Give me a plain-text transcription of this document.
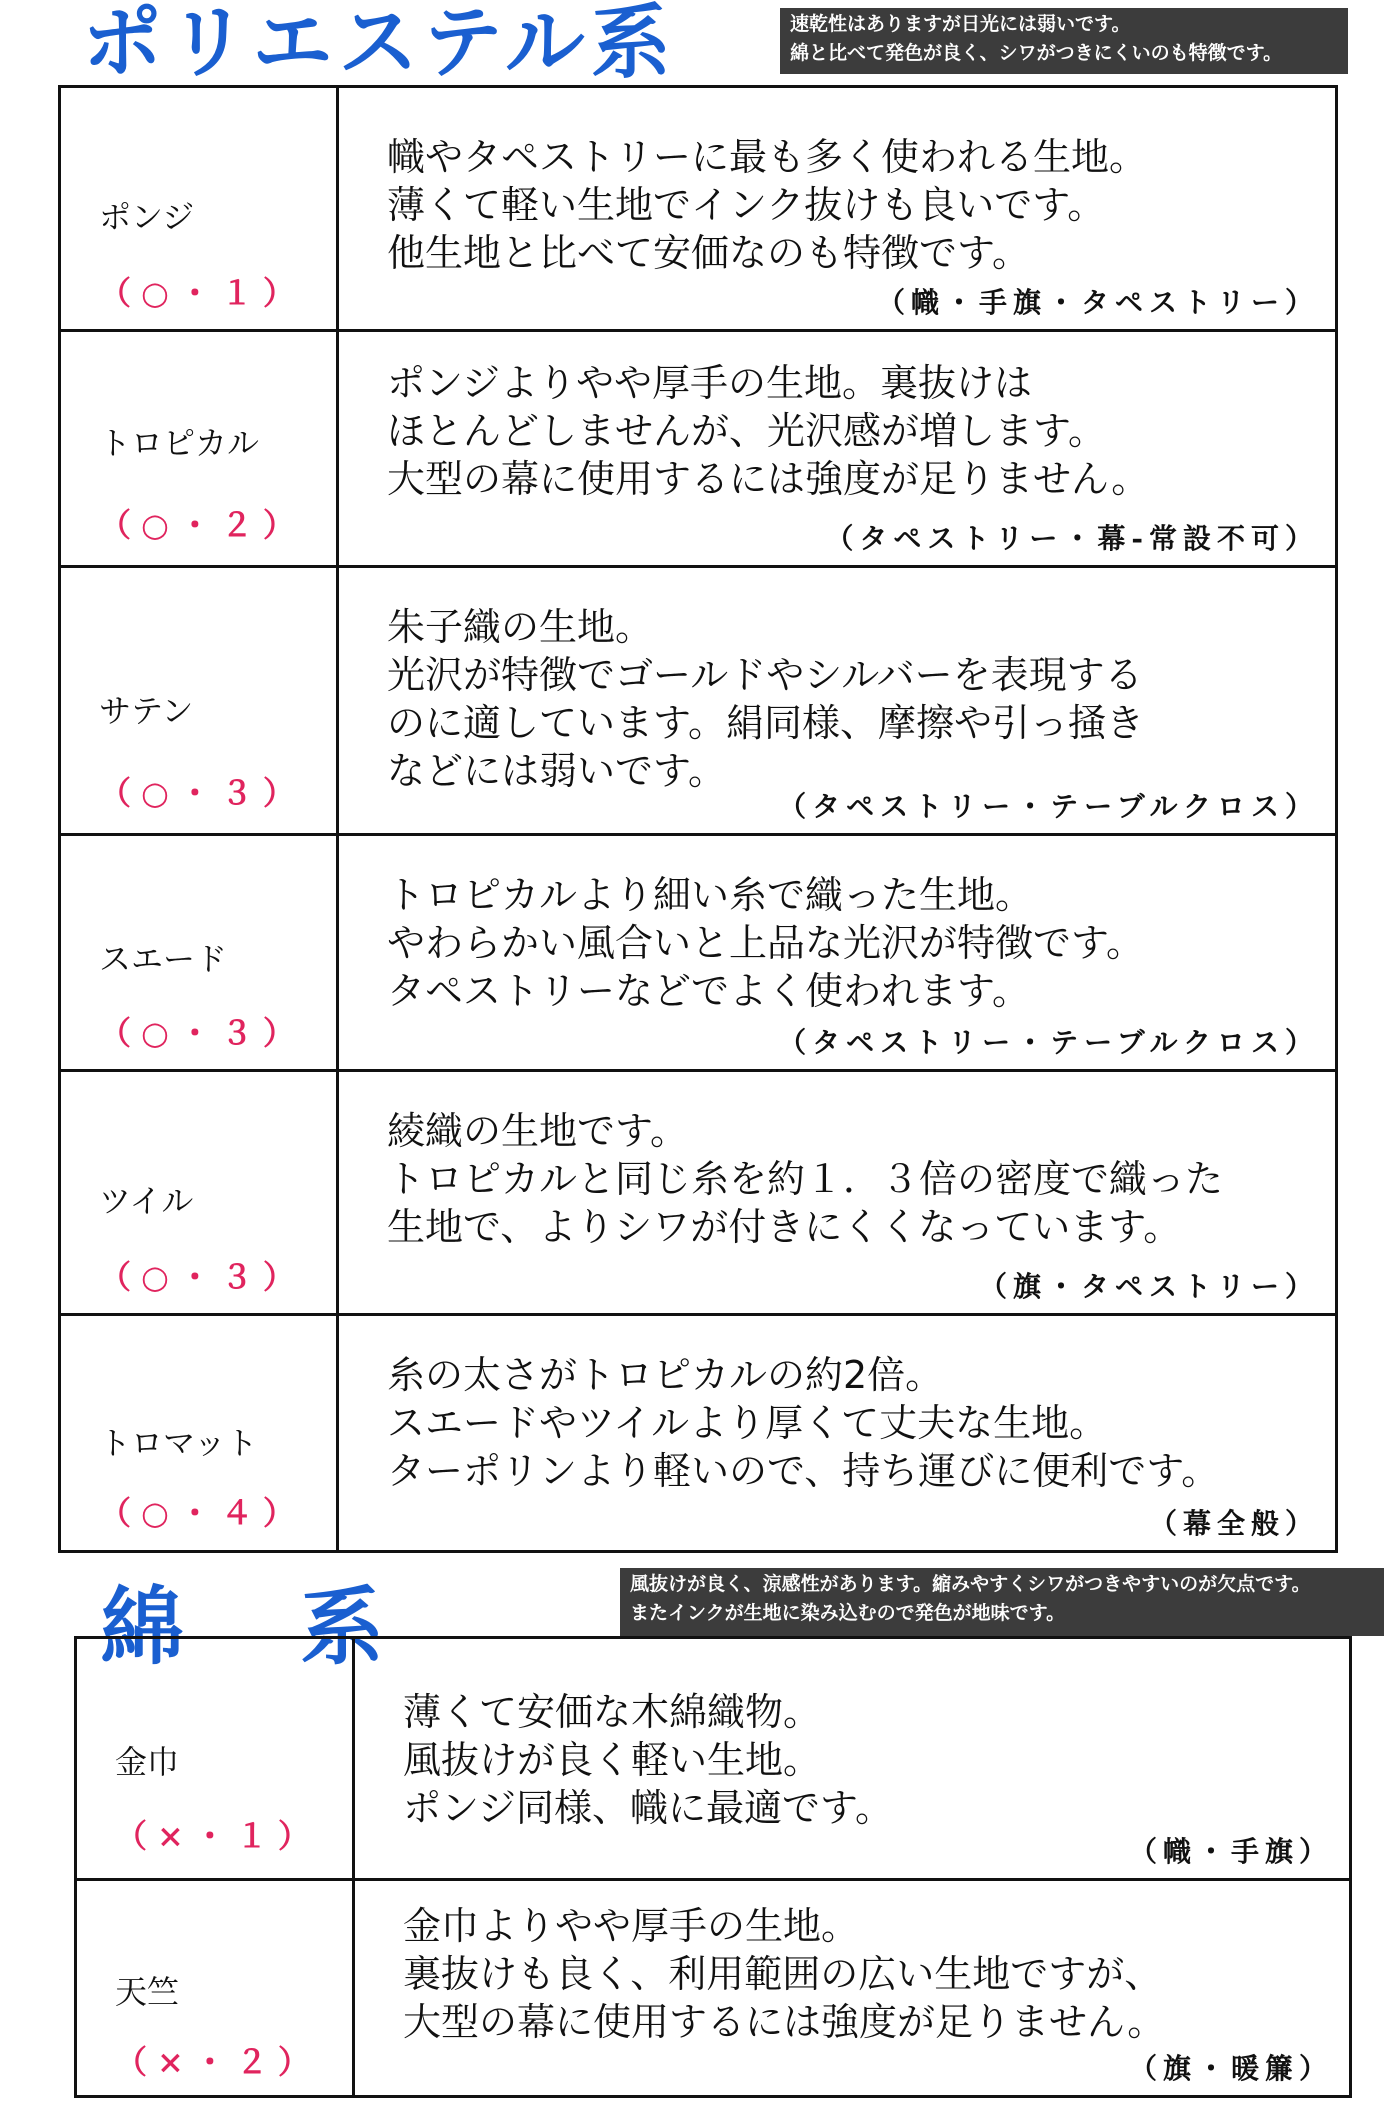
ポリエステル系	速乾性はありますが日光には弱いです。
綿と比べて発色が良く、シワがつきにくいのも特徴です。
ポンジ
（○・１）
幟やタペストリーに最も多く使われる生地。
薄くて軽い生地でインク抜けも良いです。
他生地と比べて安価なのも特徴です。
（幟・手旗・タペストリー）
トロピカル
（○・２）
ポンジよりやや厚手の生地。裏抜けは
ほとんどしませんが、光沢感が増します。
大型の幕に使用するには強度が足りません。
（タペストリー・幕-常設不可）
サテン
（○・３）
朱子織の生地。
光沢が特徴でゴールドやシルバーを表現する
のに適しています。絹同様、摩擦や引っ掻き
などには弱いです。
（タペストリー・テーブルクロス）
スエード
（○・３）
トロピカルより細い糸で織った生地。
やわらかい風合いと上品な光沢が特徴です。
タペストリーなどでよく使われます。
（タペストリー・テーブルクロス）
ツイル
（○・３）
綾織の生地です。
トロピカルと同じ糸を約１．３倍の密度で織った
生地で、よりシワが付きにくくなっています。
（旗・タペストリー）
トロマット
（○・４）
糸の太さがトロピカルの約2倍。
スエードやツイルより厚くて丈夫な生地。
ターポリンより軽いので、持ち運びに便利です。
（幕全般）
綿 系	風抜けが良く、涼感性があります。縮みやすくシワがつきやすいのが欠点です。
またインクが生地に染み込むので発色が地味です。
金巾
（×・１）
薄くて安価な木綿織物。
風抜けが良く軽い生地。
ポンジ同様、幟に最適です。
（幟・手旗）
天竺
（×・２）
金巾よりやや厚手の生地。
裏抜けも良く、利用範囲の広い生地ですが、
大型の幕に使用するには強度が足りません。
（旗・暖簾）
